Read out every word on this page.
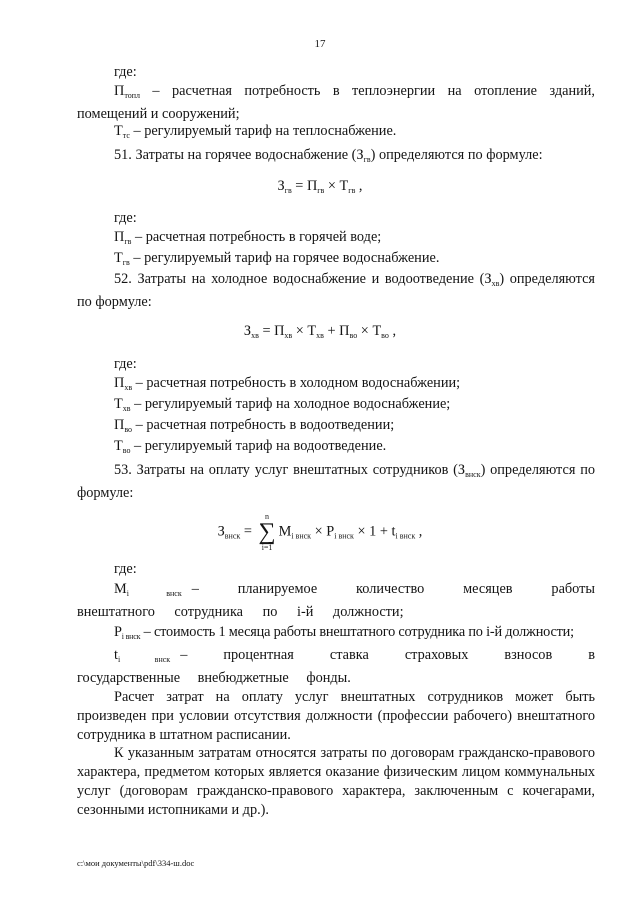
17

где:

$П_{топл}$ – расчетная потребность в теплоэнергии на отопление зданий, помещений и сооружений;

$Т_{тс}$ – регулируемый тариф на теплоснабжение.

51. Затраты на горячее водоснабжение $(З_{гв})$ определяются по формуле:

$З_{гв} = П_{гв} \times Т_{гв}$ ,

где:

$П_{гв}$ – расчетная потребность в горячей воде;

$Т_{гв}$ – регулируемый тариф на горячее водоснабжение.

52. Затраты на холодное водоснабжение и водоотведение $(З_{хв})$ определяются по формуле:

$З_{хв} = П_{хв} \times Т_{хв} + П_{во} \times Т_{во}$ ,

где:

$П_{хв}$ – расчетная потребность в холодном водоснабжении;

$Т_{хв}$ – регулируемый тариф на холодное водоснабжение;

$П_{во}$ – расчетная потребность в водоотведении;

$Т_{во}$ – регулируемый тариф на водоотведение.

53. Затраты на оплату услуг внештатных сотрудников $(З_{внск})$ определяются по формуле:

$З_{внск}$ =
n
∑
i=1
$М_{i внск} \times Р_{i внск} \times 1 + t_{i внск}$ ,

где:

$М_{i внск}$ – планируемое количество месяцев работы внештатного сотрудника по i-й должности;

$Р_{i внск}$ – стоимость 1 месяца работы внештатного сотрудника по i-й должности;

$t_{i внск}$ – процентная ставка страховых взносов в государственные внебюджетные фонды.

Расчет затрат на оплату услуг внештатных сотрудников может быть произведен при условии отсутствия должности (профессии рабочего) внештатного сотрудника в штатном расписании.

К указанным затратам относятся затраты по договорам гражданско-правового характера, предметом которых является оказание физическим лицом коммунальных услуг (договорам гражданско-правового характера, заключенным с кочегарами, сезонными истопниками и др.).

c:\мои документы\pdf\334-ш.doc
